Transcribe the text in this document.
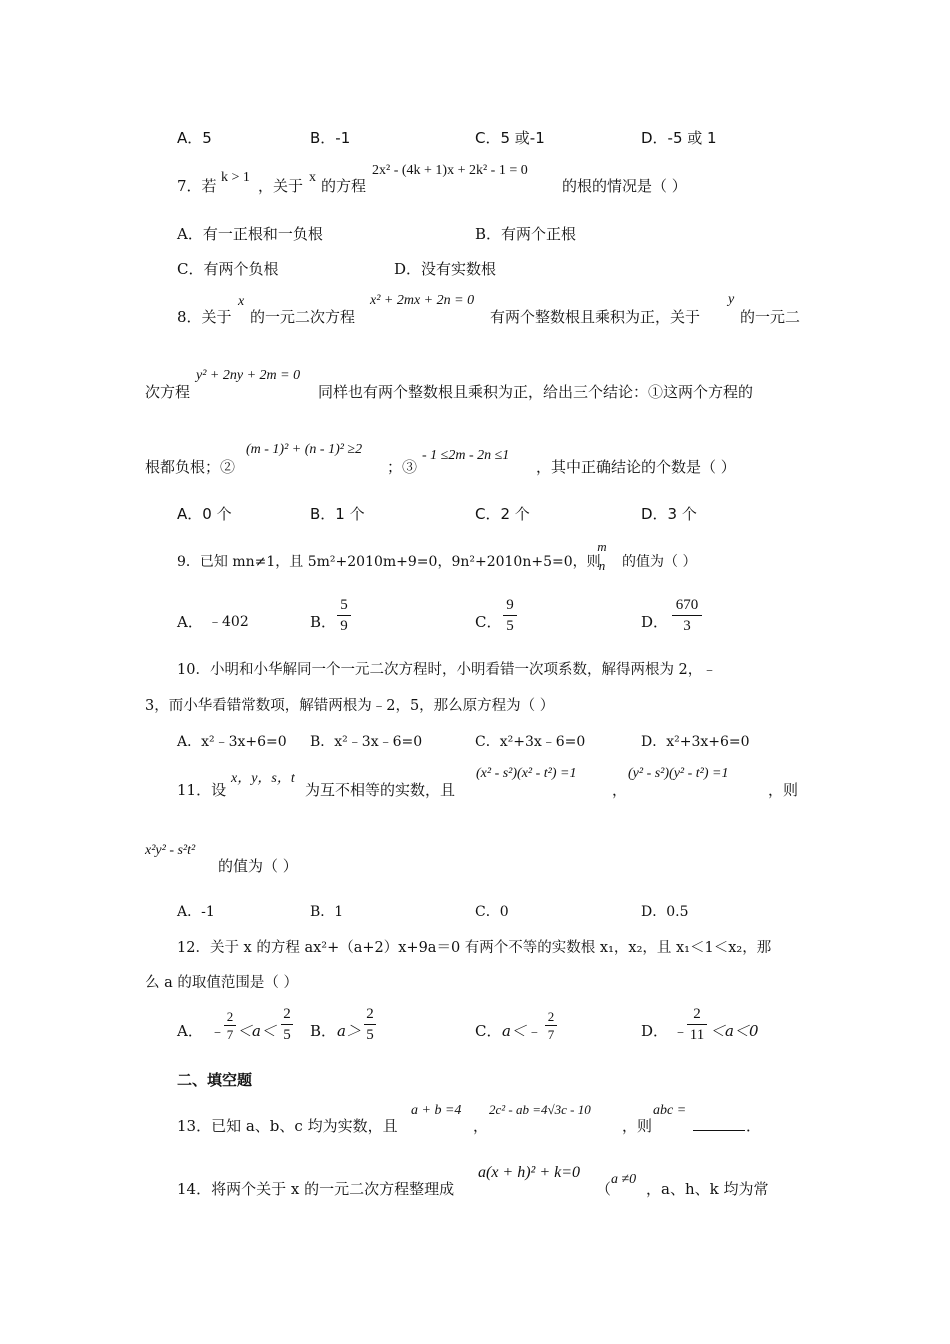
A．5	B．-1	C．5 或-1	D．-5 或 1
7．若 k > 1 ，关于 x 的方程
2x² - (4k + 1)x + 2k² - 1 = 0
的根的情况是（ ）
A．有一正根和一负根	B．有两个正根
C．有两个负根	D．没有实数根
8．关于
x
的一元二次方程
x² + 2mx + 2n = 0
有两个整数根且乘积为正，关于
y
的一元二
次方程
y² + 2ny + 2m = 0
同样也有两个整数根且乘积为正，给出三个结论：①这两个方程的
根都负根；②
(m - 1)² + (n - 1)² ≥2
；③
- 1 ≤2m - 2n ≤1
，其中正确结论的个数是（ ）
A．0 个	B．1 个	C．2 个	D．3 个
9．已知 mn≠1，且 5m²+2010m+9=0，9n²+2010n+5=0，则
m
n	的值为（ ）
A． ﹣402	B．
5
9	C．
9
5	D．
670
3
10．小明和小华解同一个一元二次方程时，小明看错一次项系数，解得两根为 2，﹣
3，而小华看错常数项，解错两根为﹣2，5，那么原方程为（ ）
A．x²﹣3x+6=0 B．x²﹣3x﹣6=0	C．x²+3x﹣6=0	D．x²+3x+6=0
11．设
x，y，s，t
为互不相等的实数，且
(x² - s²)(x² - t²) =1
，
(y² - s²)(y² - t²) =1
，则
x²y² - s²t²
的值为（ ）
A．-1	B．1	C．0	D．0.5
12．关于 x 的方程 ax²+（a+2）x+9a＝0 有两个不等的实数根 x₁，x₂，且 x₁＜1＜x₂，那
么 a 的取值范围是（ ）
A． ﹣
2
7 ＜a＜
2
5 B． a＞
2
5	C． a＜﹣
2
7	D． ﹣
2
11 ＜a＜0
二、填空题
13．已知 a、b、c 均为实数，且
a + b =4
，
2c² - ab =4√3c - 10
，则
abc =
．
14．将两个关于 x 的一元二次方程整理成
a(x + h)² + k=0
（
a ≠0
，a、h、k 均为常
